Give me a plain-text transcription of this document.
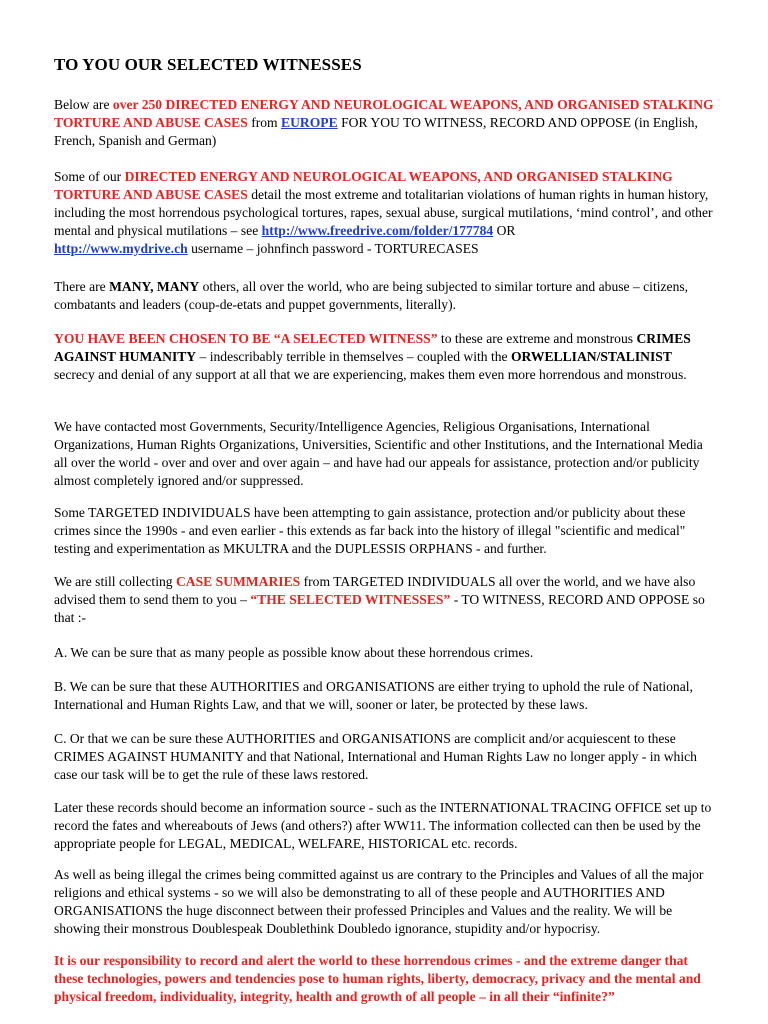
TO YOU OUR SELECTED WITNESSES

Below are over 250 DIRECTED ENERGY AND NEUROLOGICAL WEAPONS, AND ORGANISED STALKING TORTURE AND ABUSE CASES from EUROPE FOR YOU TO WITNESS, RECORD AND OPPOSE (in English, French, Spanish and German)

Some of our DIRECTED ENERGY AND NEUROLOGICAL WEAPONS, AND ORGANISED STALKING TORTURE AND ABUSE CASES detail the most extreme and totalitarian violations of human rights in human history, including the most horrendous psychological tortures, rapes, sexual abuse, surgical mutilations, ‘mind control’, and other mental and physical mutilations – see http://www.freedrive.com/folder/177784 OR
http://www.mydrive.ch username – johnfinch password - TORTURECASES

There are MANY, MANY others, all over the world, who are being subjected to similar torture and abuse – citizens, combatants and leaders (coup-de-etats and puppet governments, literally).

YOU HAVE BEEN CHOSEN TO BE “A SELECTED WITNESS” to these are extreme and monstrous CRIMES AGAINST HUMANITY – indescribably terrible in themselves – coupled with the ORWELLIAN/STALINIST secrecy and denial of any support at all that we are experiencing, makes them even more horrendous and monstrous.

We have contacted most Governments, Security/Intelligence Agencies, Religious Organisations, International Organizations, Human Rights Organizations, Universities, Scientific and other Institutions, and the International Media all over the world - over and over and over again – and have had our appeals for assistance, protection and/or publicity almost completely ignored and/or suppressed.

Some TARGETED INDIVIDUALS have been attempting to gain assistance, protection and/or publicity about these crimes since the 1990s - and even earlier - this extends as far back into the history of illegal "scientific and medical" testing and experimentation as MKULTRA and the DUPLESSIS ORPHANS - and further.

We are still collecting CASE SUMMARIES from TARGETED INDIVIDUALS all over the world, and we have also advised them to send them to you – “THE SELECTED WITNESSES” - TO WITNESS, RECORD AND OPPOSE so that :-

A. We can be sure that as many people as possible know about these horrendous crimes.

B. We can be sure that these AUTHORITIES and ORGANISATIONS are either trying to uphold the rule of National, International and Human Rights Law, and that we will, sooner or later, be protected by these laws.

C. Or that we can be sure these AUTHORITIES and ORGANISATIONS are complicit and/or acquiescent to these CRIMES AGAINST HUMANITY and that National, International and Human Rights Law no longer apply - in which case our task will be to get the rule of these laws restored.

Later these records should become an information source - such as the INTERNATIONAL TRACING OFFICE set up to record the fates and whereabouts of Jews (and others?) after WW11. The information collected can then be used by the appropriate people for LEGAL, MEDICAL, WELFARE, HISTORICAL etc. records.

As well as being illegal the crimes being committed against us are contrary to the Principles and Values of all the major religions and ethical systems - so we will also be demonstrating to all of these people and AUTHORITIES AND ORGANISATIONS the huge disconnect between their professed Principles and Values and the reality. We will be showing their monstrous Doublespeak Doublethink Doubledo ignorance, stupidity and/or hypocrisy.

It is our responsibility to record and alert the world to these horrendous crimes - and the extreme danger that these technologies, powers and tendencies pose to human rights, liberty, democracy, privacy and the mental and physical freedom, individuality, integrity, health and growth of all people – in all their “infinite?”
